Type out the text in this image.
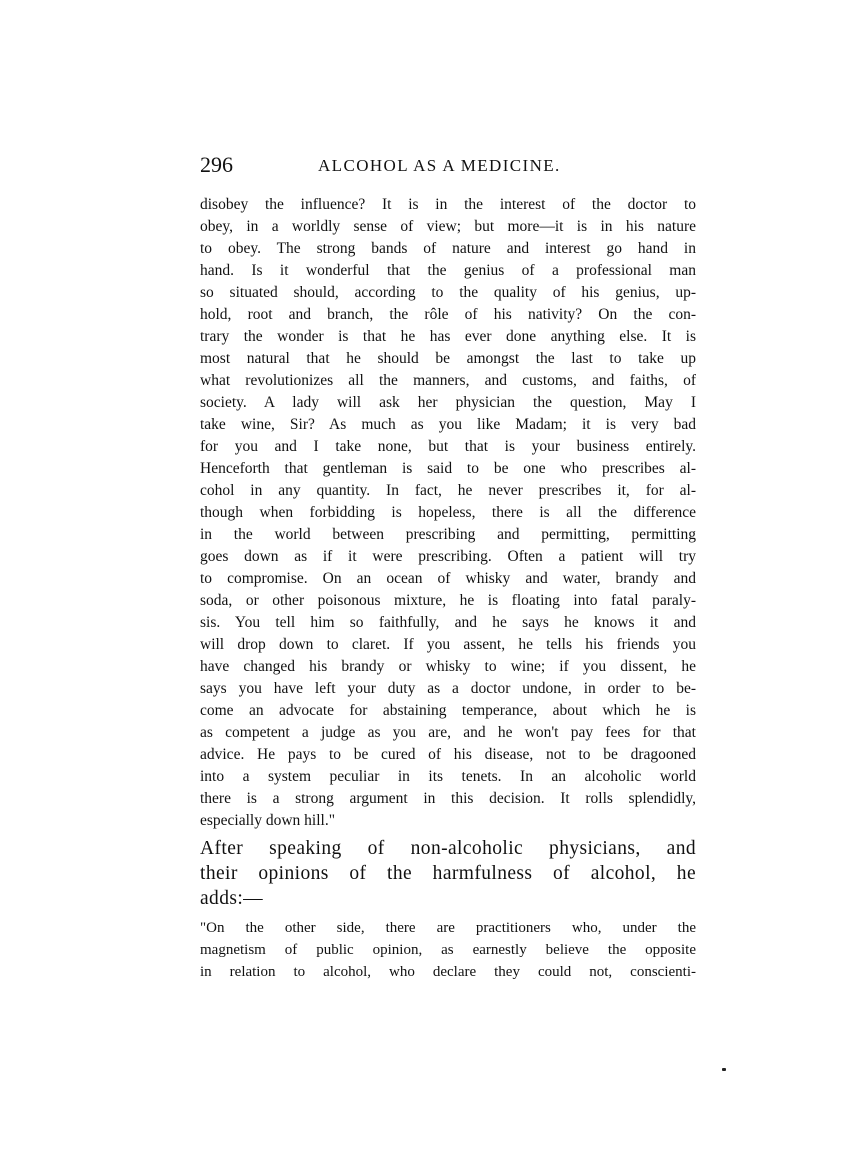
296	ALCOHOL AS A MEDICINE.
disobey the influence? It is in the interest of the doctor to
obey, in a worldly sense of view; but more—it is in his nature
to obey. The strong bands of nature and interest go hand in
hand. Is it wonderful that the genius of a professional man
so situated should, according to the quality of his genius, up-
hold, root and branch, the rôle of his nativity? On the con-
trary the wonder is that he has ever done anything else. It is
most natural that he should be amongst the last to take up
what revolutionizes all the manners, and customs, and faiths, of
society. A lady will ask her physician the question, May I
take wine, Sir? As much as you like Madam; it is very bad
for you and I take none, but that is your business entirely.
Henceforth that gentleman is said to be one who prescribes al-
cohol in any quantity. In fact, he never prescribes it, for al-
though when forbidding is hopeless, there is all the difference
in the world between prescribing and permitting, permitting
goes down as if it were prescribing. Often a patient will try
to compromise. On an ocean of whisky and water, brandy and
soda, or other poisonous mixture, he is floating into fatal paraly-
sis. You tell him so faithfully, and he says he knows it and
will drop down to claret. If you assent, he tells his friends you
have changed his brandy or whisky to wine; if you dissent, he
says you have left your duty as a doctor undone, in order to be-
come an advocate for abstaining temperance, about which he is
as competent a judge as you are, and he won't pay fees for that
advice. He pays to be cured of his disease, not to be dragooned
into a system peculiar in its tenets. In an alcoholic world
there is a strong argument in this decision. It rolls splendidly,
especially down hill."
After speaking of non-alcoholic physicians, and
their opinions of the harmfulness of alcohol, he
adds:—
"On the other side, there are practitioners who, under the
magnetism of public opinion, as earnestly believe the opposite
in relation to alcohol, who declare they could not, conscienti-
